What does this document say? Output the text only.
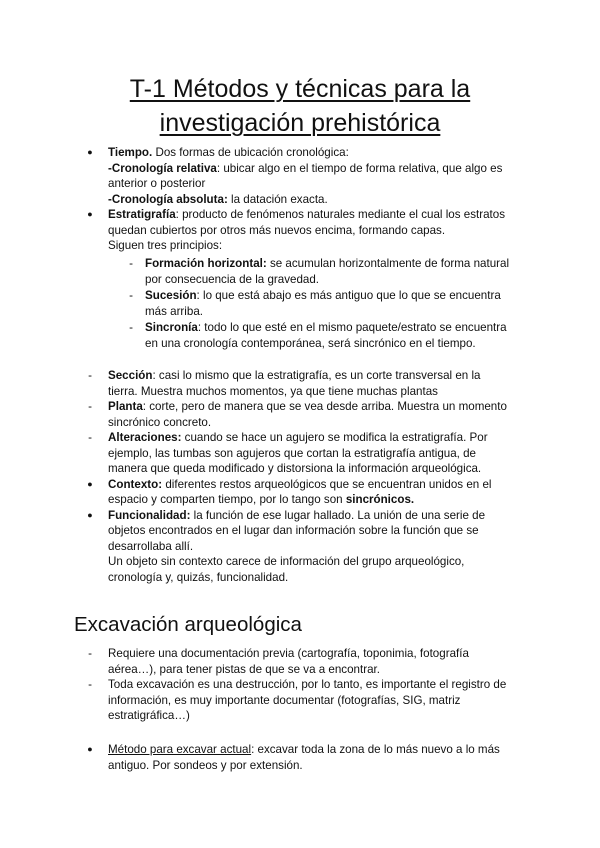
T-1 Métodos y técnicas para la
investigación prehistórica
●	Tiempo. Dos formas de ubicación cronológica:
-Cronología relativa: ubicar algo en el tiempo de forma relativa, que algo es
anterior o posterior
-Cronología absoluta: la datación exacta.
●	Estratigrafía: producto de fenómenos naturales mediante el cual los estratos
quedan cubiertos por otros más nuevos encima, formando capas.
Siguen tres principios:
-	Formación horizontal: se acumulan horizontalmente de forma natural
por consecuencia de la gravedad.
-	Sucesión: lo que está abajo es más antiguo que lo que se encuentra
más arriba.
-	Sincronía: todo lo que esté en el mismo paquete/estrato se encuentra
en una cronología contemporánea, será sincrónico en el tiempo.
-	Sección: casi lo mismo que la estratigrafía, es un corte transversal en la
tierra. Muestra muchos momentos, ya que tiene muchas plantas
-	Planta: corte, pero de manera que se vea desde arriba. Muestra un momento
sincrónico concreto.
-	Alteraciones: cuando se hace un agujero se modifica la estratigrafía. Por
ejemplo, las tumbas son agujeros que cortan la estratigrafía antigua, de
manera que queda modificado y distorsiona la información arqueológica.
●	Contexto: diferentes restos arqueológicos que se encuentran unidos en el
espacio y comparten tiempo, por lo tango son sincrónicos.
●	Funcionalidad: la función de ese lugar hallado. La unión de una serie de
objetos encontrados en el lugar dan información sobre la función que se
desarrollaba allí.
Un objeto sin contexto carece de información del grupo arqueológico,
cronología y, quizás, funcionalidad.
Excavación arqueológica
-	Requiere una documentación previa (cartografía, toponimia, fotografía
aérea…), para tener pistas de que se va a encontrar.
-	Toda excavación es una destrucción, por lo tanto, es importante el registro de
información, es muy importante documentar (fotografías, SIG, matriz
estratigráfica…)
●	Método para excavar actual: excavar toda la zona de lo más nuevo a lo más
antiguo. Por sondeos y por extensión.
